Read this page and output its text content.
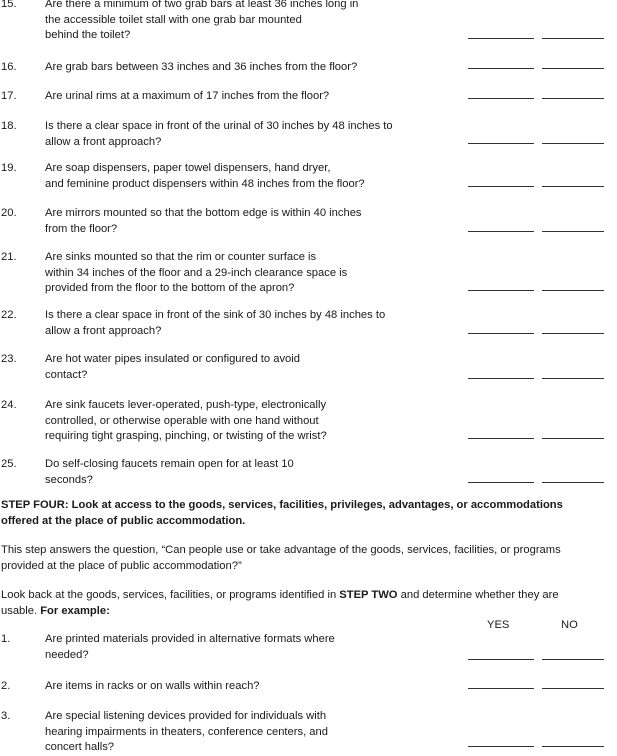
15.	Are there a minimum of two grab bars at least 36 inches long in
the accessible toilet stall with one grab bar mounted
behind the toilet?
16.	Are grab bars between 33 inches and 36 inches from the floor?
17.	Are urinal rims at a maximum of 17 inches from the floor?
18.	Is there a clear space in front of the urinal of 30 inches by 48 inches to
allow a front approach?
19.	Are soap dispensers, paper towel dispensers, hand dryer,
and feminine product dispensers within 48 inches from the floor?
20.	Are mirrors mounted so that the bottom edge is within 40 inches
from the floor?
21.	Are sinks mounted so that the rim or counter surface is
within 34 inches of the floor and a 29-inch clearance space is
provided from the floor to the bottom of the apron?
22.	Is there a clear space in front of the sink of 30 inches by 48 inches to
allow a front approach?
23.	Are hot water pipes insulated or configured to avoid
contact?
24.	Are sink faucets lever-operated, push-type, electronically
controlled, or otherwise operable with one hand without
requiring tight grasping, pinching, or twisting of the wrist?
25.	Do self-closing faucets remain open for at least 10
seconds?
STEP FOUR: Look at access to the goods, services, facilities, privileges, advantages, or accommodations
offered at the place of public accommodation.
This step answers the question, “Can people use or take advantage of the goods, services, facilities, or programs
provided at the place of public accommodation?”
Look back at the goods, services, facilities, or programs identified in STEP TWO and determine whether they are
usable. For example:
YES	NO
1.	Are printed materials provided in alternative formats where
needed?
2.	Are items in racks or on walls within reach?
3.	Are special listening devices provided for individuals with
hearing impairments in theaters, conference centers, and
concert halls?
